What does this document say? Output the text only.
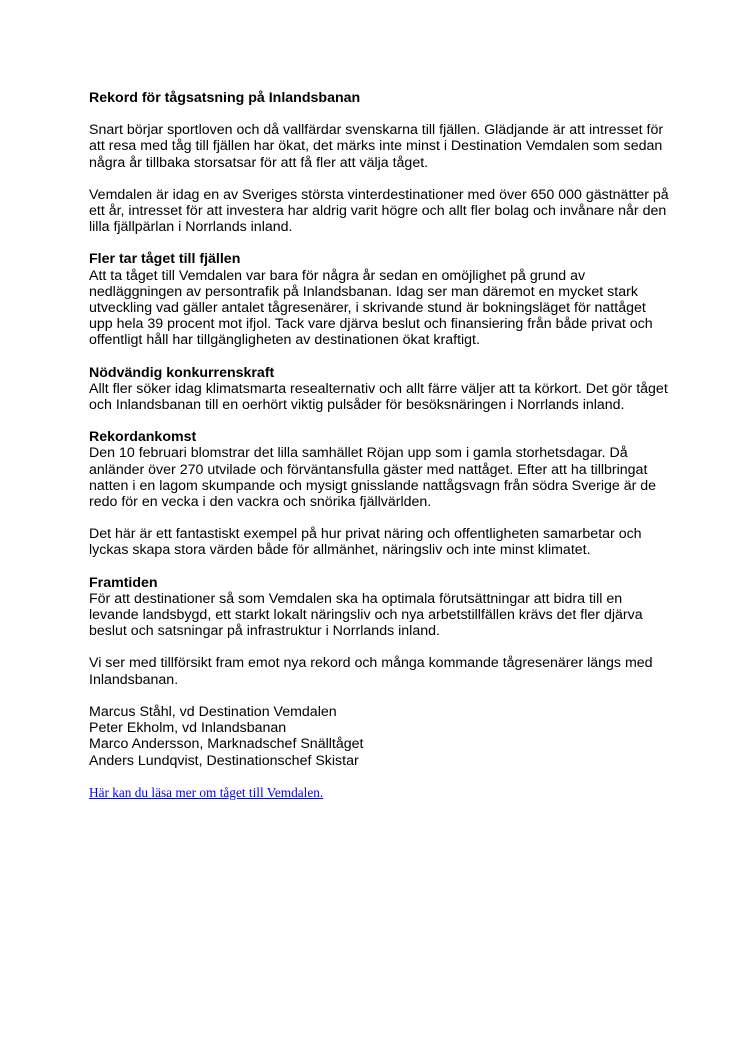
Rekord för tågsatsning på Inlandsbanan
Snart börjar sportloven och då vallfärdar svenskarna till fjällen. Glädjande är att intresset för att resa med tåg till fjällen har ökat, det märks inte minst i Destination Vemdalen som sedan några år tillbaka storsatsar för att få fler att välja tåget.
Vemdalen är idag en av Sveriges största vinterdestinationer med över 650 000 gästnätter på ett år, intresset för att investera har aldrig varit högre och allt fler bolag och invånare når den lilla fjällpärlan i Norrlands inland.
Fler tar tåget till fjällen
Att ta tåget till Vemdalen var bara för några år sedan en omöjlighet på grund av nedläggningen av persontrafik på Inlandsbanan. Idag ser man däremot en mycket stark utveckling vad gäller antalet tågresenärer, i skrivande stund är bokningsläget för nattåget upp hela 39 procent mot ifjol. Tack vare djärva beslut och finansiering från både privat och offentligt håll har tillgängligheten av destinationen ökat kraftigt.
Nödvändig konkurrenskraft
Allt fler söker idag klimatsmarta resealternativ och allt färre väljer att ta körkort. Det gör tåget och Inlandsbanan till en oerhört viktig pulsåder för besöksnäringen i Norrlands inland.
Rekordankomst
Den 10 februari blomstrar det lilla samhället Röjan upp som i gamla storhetsdagar. Då anländer över 270 utvilade och förväntansfulla gäster med nattåget. Efter att ha tillbringat natten i en lagom skumpande och mysigt gnisslande nattågsvagn från södra Sverige är de redo för en vecka i den vackra och snörika fjällvärlden.
Det här är ett fantastiskt exempel på hur privat näring och offentligheten samarbetar och lyckas skapa stora värden både för allmänhet, näringsliv och inte minst klimatet.
Framtiden
För att destinationer så som Vemdalen ska ha optimala förutsättningar att bidra till en levande landsbygd, ett starkt lokalt näringsliv och nya arbetstillfällen krävs det fler djärva beslut och satsningar på infrastruktur i Norrlands inland.
Vi ser med tillförsikt fram emot nya rekord och många kommande tågresenärer längs med Inlandsbanan.
Marcus Ståhl, vd Destination Vemdalen
Peter Ekholm, vd Inlandsbanan
Marco Andersson, Marknadschef Snälltåget
Anders Lundqvist, Destinationschef Skistar
Här kan du läsa mer om tåget till Vemdalen.
